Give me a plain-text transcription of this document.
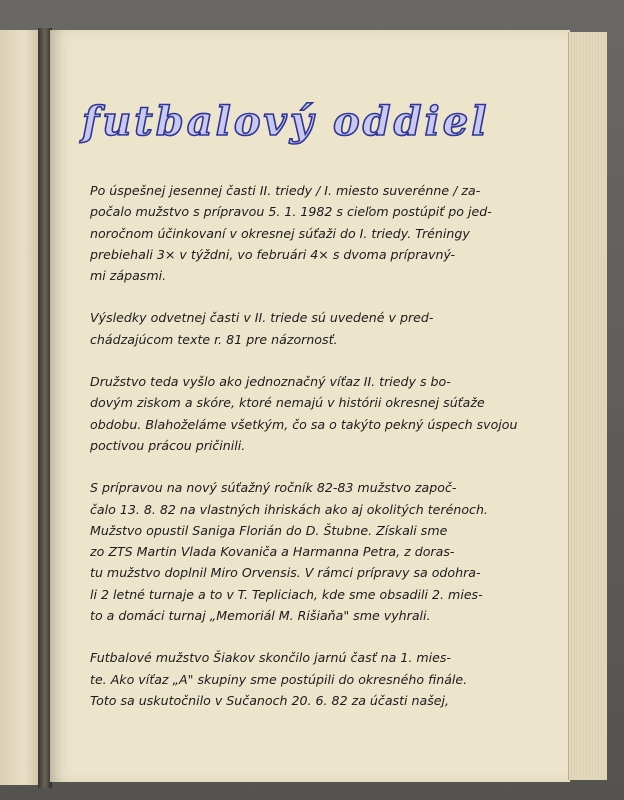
futbalový oddiel
Po úspešnej jesennej časti II. triedy / I. miesto suverénne / za-
počalo mužstvo s prípravou 5. 1. 1982 s cieľom postúpiť po jed-
noročnom účinkovaní v okresnej súťaži do I. triedy. Tréningy
prebiehali 3× v týždni, vo februári 4× s dvoma prípravný-
mi zápasmi.
Výsledky odvetnej časti v II. triede sú uvedené v pred-
chádzajúcom texte r. 81 pre názornosť.
Družstvo teda vyšlo ako jednoznačný víťaz II. triedy s bo-
dovým ziskom a skóre, ktoré nemajú v histórii okresnej súťaže
obdobu. Blahoželáme všetkým, čo sa o takýto pekný úspech svojou
poctivou prácou pričinili.
S prípravou na nový súťažný ročník 82-83 mužstvo započ-
čalo 13. 8. 82 na vlastných ihriskách ako aj okolitých terénoch.
Mužstvo opustil Saniga Florián do D. Štubne. Získali sme
zo ZTS Martin Vlada Kovaniča a Harmanna Petra, z doras-
tu mužstvo doplnil Miro Orvensis. V rámci prípravy sa odohra-
li 2 letné turnaje a to v T. Tepliciach, kde sme obsadili 2. mies-
to a domáci turnaj „Memoriál M. Rišiaňa" sme vyhrali.
Futbalové mužstvo Šiakov skončilo jarnú časť na 1. mies-
te. Ako víťaz „A" skupiny sme postúpili do okresného finále.
Toto sa uskutočnilo v Sučanoch 20. 6. 82 za účasti našej,
